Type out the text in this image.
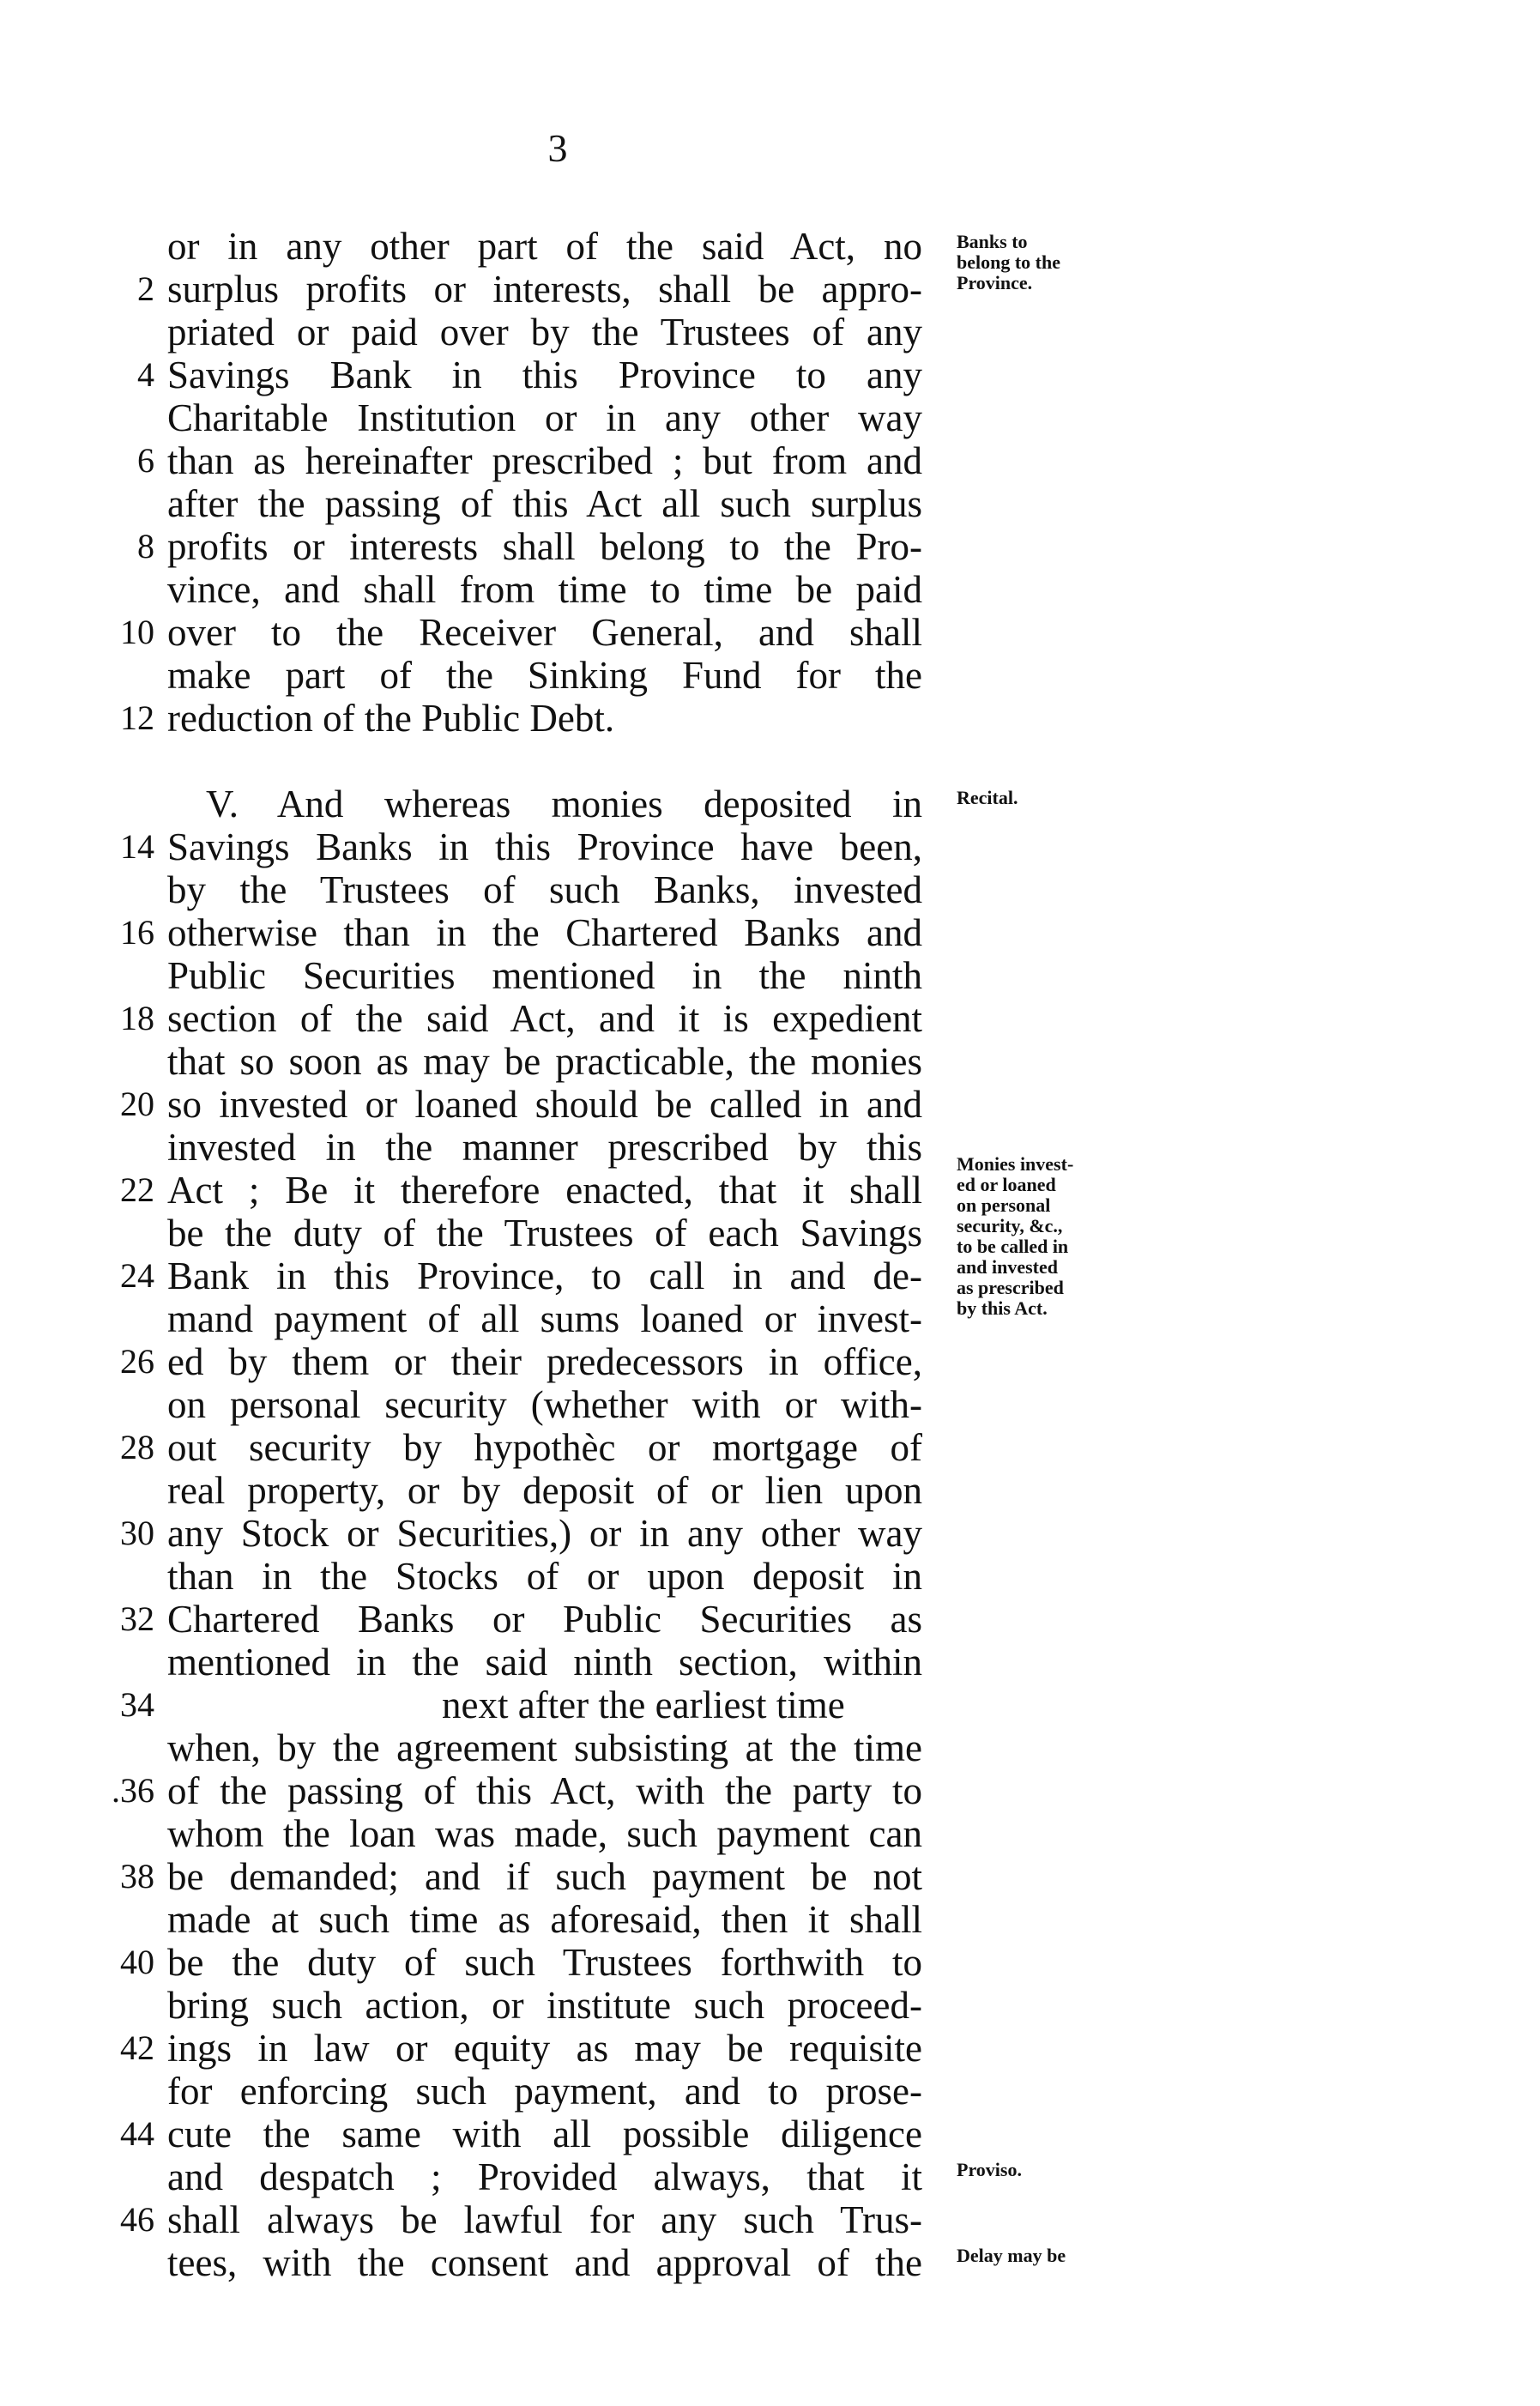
3
or in any other part of the said Act, no
surplus profits or interests, shall be appro-
2
priated or paid over by the Trustees of any
Savings Bank in this Province to any
4
Charitable Institution or in any other way
than as hereinafter prescribed ; but from and
6
after the passing of this Act all such surplus
profits or interests shall belong to the Pro-
8
vince, and shall from time to time be paid
over to the Receiver General, and shall
10
make part of the Sinking Fund for the
reduction of the Public Debt.
12
V. And whereas monies deposited in
Savings Banks in this Province have been,
14
by the Trustees of such Banks, invested
otherwise than in the Chartered Banks and
16
Public Securities mentioned in the ninth
section of the said Act, and it is expedient
18
that so soon as may be practicable, the monies
so invested or loaned should be called in and
20
invested in the manner prescribed by this
Act ; Be it therefore enacted, that it shall
22
be the duty of the Trustees of each Savings
Bank in this Province, to call in and de-
24
mand payment of all sums loaned or invest-
ed by them or their predecessors in office,
26
on personal security (whether with or with-
out security by hypothèc or mortgage of
28
real property, or by deposit of or lien upon
any Stock or Securities,) or in any other way
30
than in the Stocks of or upon deposit in
Chartered Banks or Public Securities as
32
mentioned in the said ninth section, within
next after the earliest time
34
when, by the agreement subsisting at the time
of the passing of this Act, with the party to
.36
whom the loan was made, such payment can
be demanded; and if such payment be not
38
made at such time as aforesaid, then it shall
be the duty of such Trustees forthwith to
40
bring such action, or institute such proceed-
ings in law or equity as may be requisite
42
for enforcing such payment, and to prose-
cute the same with all possible diligence
44
and despatch ; Provided always, that it
shall always be lawful for any such Trus-
46
tees, with the consent and approval of the
Banks to
belong to the
Province.
Recital.
Monies invest-
ed or loaned
on personal
security, &c.,
to be called in
and invested
as prescribed
by this Act.
Proviso.
Delay may be
